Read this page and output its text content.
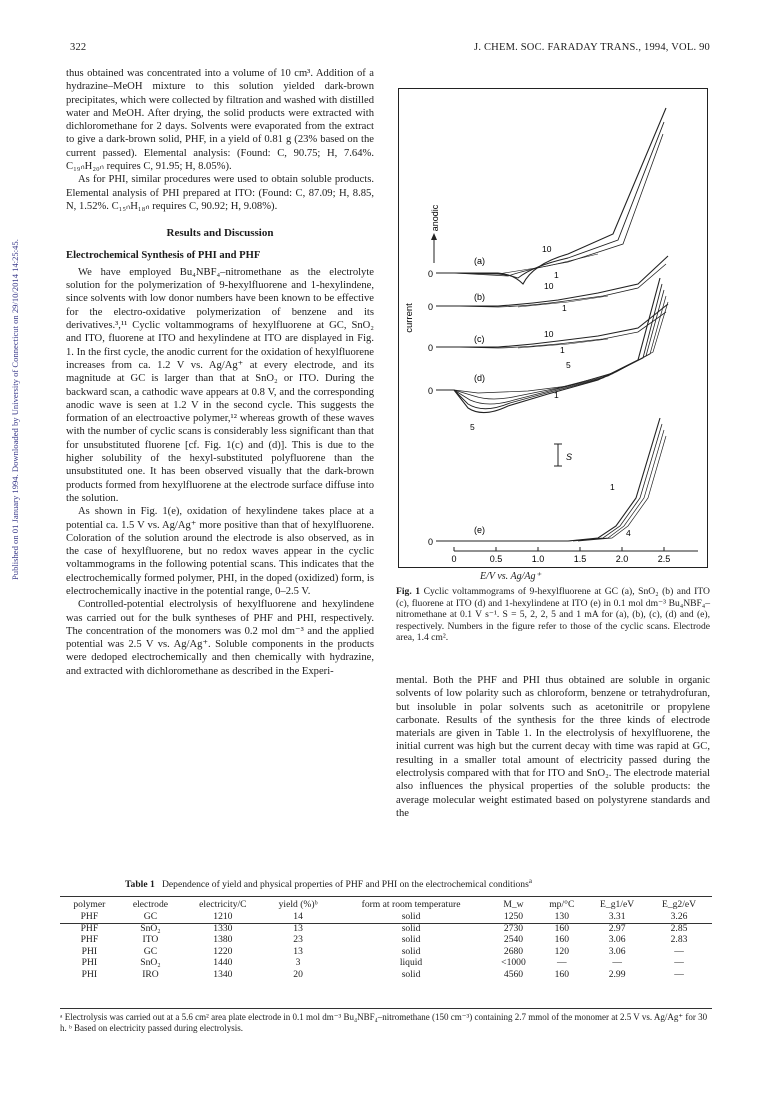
322	J. CHEM. SOC. FARADAY TRANS., 1994, VOL. 90
Published on 01 January 1994. Downloaded by University of Connecticut on 29/10/2014 14:25:45.

thus obtained was concentrated into a volume of 10 cm³. Addition of a hydrazine–MeOH mixture to this solution yielded dark-brown precipitates, which were collected by filtration and washed with distilled water and MeOH. After drying, the solid products were extracted with dichloromethane for 2 days. Solvents were evaporated from the extract to give a dark-brown solid, PHF, in a yield of 0.81 g (23% based on the current passed). Elemental analysis: (Found: C, 90.75; H, 7.64%. C₁₉ₙH₂₀ₙ requires C, 91.95; H, 8.05%).

As for PHI, similar procedures were used to obtain soluble products. Elemental analysis of PHI prepared at ITO: (Found: C, 87.09; H, 8.85, N, 1.52%. C₁₅ₙH₁₈ₙ requires C, 90.92; H, 9.08%).

Results and Discussion
Electrochemical Synthesis of PHI and PHF

We have employed Bu₄NBF₄–nitromethane as the electrolyte solution for the polymerization of 9-hexylfluorene and 1-hexylindene, since solvents with low donor numbers have been known to be effective for the electro-oxidative polymerization of benzene and its derivatives.³,¹¹ Cyclic voltammograms of hexylfluorene at GC, SnO₂ and ITO, fluorene at ITO and hexylindene at ITO are displayed in Fig. 1. In the first cycle, the anodic current for the oxidation of hexylfluorene increases from ca. 1.2 V vs. Ag/Ag⁺ at every electrode, and its magnitude at GC is larger than that at SnO₂ or ITO. During the backward scan, a cathodic wave appears at 0.8 V, and the corresponding anodic wave is seen at 1.2 V in the second cycle. This suggests the formation of an electroactive polymer,¹² whereas growth of these waves with the number of cyclic scans is considerably less significant than that for unsubstituted fluorene [cf. Fig. 1(c) and (d)]. This is due to the higher solubility of the hexyl-substituted polyfluorene than the unsubstituted one. It has been observed visually that the dark-brown products formed from hexylfluorene at the electrode surface diffuse into the solution.

As shown in Fig. 1(e), oxidation of hexylindene takes place at a potential ca. 1.5 V vs. Ag/Ag⁺ more positive than that of hexylfluorene. Coloration of the solution around the electrode is also observed, as in the case of hexylfluorene, but no redox waves appear in the cyclic voltammograms in the following potential scans. This indicates that the electrochemically formed polymer, PHI, in the doped (oxidized) form, is electrochemically inactive in the potential range, 0–2.5 V.

Controlled-potential electrolysis of hexylfluorene and hexylindene was carried out for the bulk syntheses of PHF and PHI, respectively. The concentration of the monomers was 0.2 mol dm⁻³ and the applied potential was 2.5 V vs. Ag/Ag⁺. Soluble components in the products were dedoped electrochemically and then chemically with hydrazine, and extracted with dichloromethane as described in the Experi-

current
anodic
0
(a)
10
1
0
(b)
10
1
0
(c)	10
1
0
(d)
5
1
5
S
0
(e)
1
4
0	0.5	1.0	1.5	2.0	2.5
E/V vs. Ag/Ag⁺
Fig. 1 Cyclic voltammograms of 9-hexylfluorene at GC (a), SnO₂ (b) and ITO (c), fluorene at ITO (d) and 1-hexylindene at ITO (e) in 0.1 mol dm⁻³ Bu₄NBF₄–nitromethane at 0.1 V s⁻¹. S = 5, 2, 2, 5 and 1 mA for (a), (b), (c), (d) and (e), respectively. Numbers in the figure refer to those of the cyclic scans. Electrode area, 1.4 cm².

mental. Both the PHF and PHI thus obtained are soluble in organic solvents of low polarity such as chloroform, benzene or tetrahydrofuran, but insoluble in polar solvents such as acetonitrile or propylene carbonate. Results of the synthesis for the three kinds of electrode materials are given in Table 1. In the electrolysis of hexylfluorene, the initial current was high but the current decay with time was rapid at GC, resulting in a smaller total amount of electricity passed during the electrolysis compared with that for ITO and SnO₂. The electrode material also influences the physical properties of the soluble products: the average molecular weight estimated based on polystyrene standards and the

Table 1 Dependence of yield and physical properties of PHF and PHI on the electrochemical conditions$^a$
polymer	electrode	electricity/C	yield (%)ᵇ	form at room temperature	M_w	mp/°C	E_g1/eV	E_g2/eV
PHF	GC	1210	14	solid	1250	130	3.31	3.26
PHF	SnO₂	1330	13	solid	2730	160	2.97	2.85
PHF	ITO	1380	23	solid	2540	160	3.06	2.83
PHI	GC	1220	13	solid	2680	120	3.06	—
PHI	SnO₂	1440	3	liquid	<1000	—	—	—
PHI	IRO	1340	20	solid	4560	160	2.99	—
ᵃ Electrolysis was carried out at a 5.6 cm² area plate electrode in 0.1 mol dm⁻³ Bu₄NBF₄–nitromethane (150 cm⁻³) containing 2.7 mmol of the monomer at 2.5 V vs. Ag/Ag⁺ for 30 h. ᵇ Based on electricity passed during electrolysis.
